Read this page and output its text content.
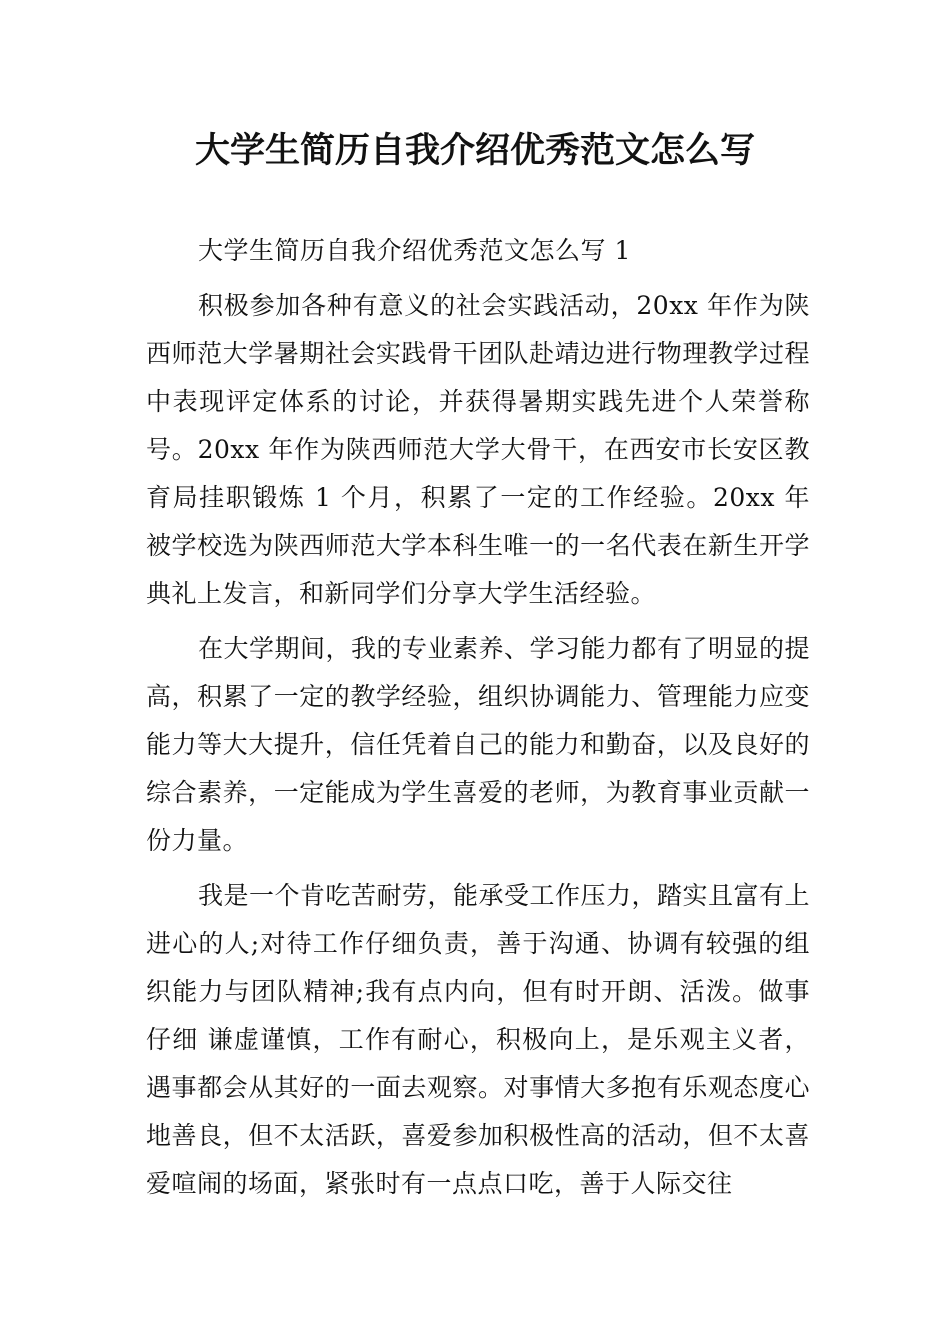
大学生简历自我介绍优秀范文怎么写
大学生简历自我介绍优秀范文怎么写 1

积极参加各种有意义的社会实践活动，20xx 年作为陕西师范大学暑期社会实践骨干团队赴靖边进行物理教学过程中表现评定体系的讨论，并获得暑期实践先进个人荣誉称号。20xx 年作为陕西师范大学大骨干，在西安市长安区教育局挂职锻炼 1 个月，积累了一定的工作经验。20xx 年被学校选为陕西师范大学本科生唯一的一名代表在新生开学典礼上发言，和新同学们分享大学生活经验。

在大学期间，我的专业素养、学习能力都有了明显的提高，积累了一定的教学经验，组织协调能力、管理能力应变能力等大大提升，信任凭着自己的能力和勤奋，以及良好的综合素养，一定能成为学生喜爱的老师，为教育事业贡献一份力量。

我是一个肯吃苦耐劳，能承受工作压力，踏实且富有上进心的人;对待工作仔细负责，善于沟通、协调有较强的组织能力与团队精神;我有点内向，但有时开朗、活泼。做事仔细 谦虚谨慎，工作有耐心，积极向上，是乐观主义者，遇事都会从其好的一面去观察。对事情大多抱有乐观态度心地善良，但不太活跃，喜爱参加积极性高的活动，但不太喜爱喧闹的场面，紧张时有一点点口吃，善于人际交往
